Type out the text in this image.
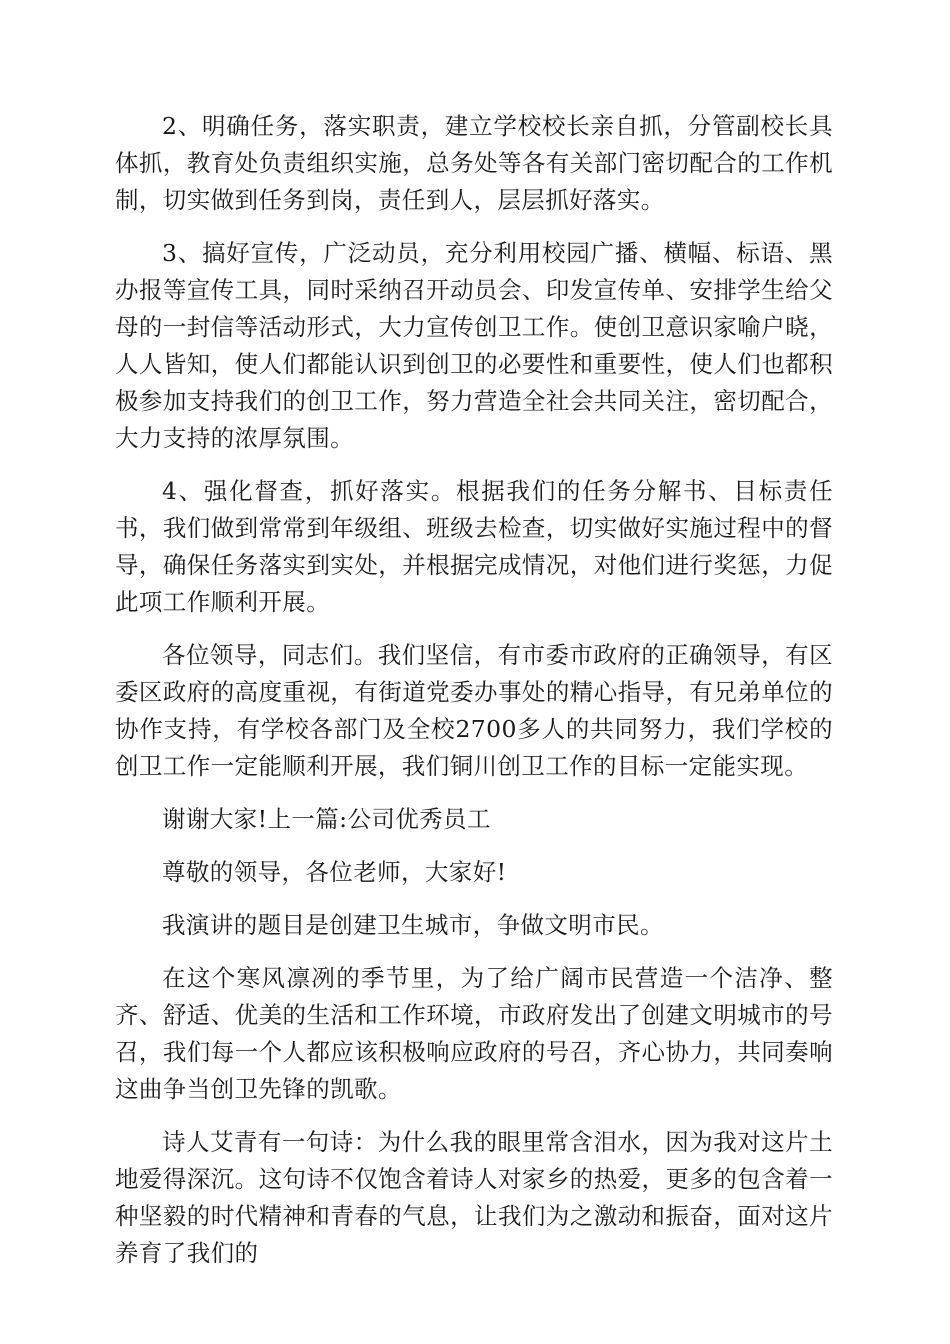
2、明确任务，落实职责，建立学校校长亲自抓，分管副校长具体抓，教育处负责组织实施，总务处等各有关部门密切配合的工作机制，切实做到任务到岗，责任到人，层层抓好落实。

3、搞好宣传，广泛动员，充分利用校园广播、横幅、标语、黑办报等宣传工具，同时采纳召开动员会、印发宣传单、安排学生给父母的一封信等活动形式，大力宣传创卫工作。使创卫意识家喻户晓，人人皆知，使人们都能认识到创卫的必要性和重要性，使人们也都积极参加支持我们的创卫工作，努力营造全社会共同关注，密切配合，大力支持的浓厚氛围。

4、强化督查，抓好落实。根据我们的任务分解书、目标责任书，我们做到常常到年级组、班级去检查，切实做好实施过程中的督导，确保任务落实到实处，并根据完成情况，对他们进行奖惩，力促此项工作顺利开展。

各位领导，同志们。我们坚信，有市委市政府的正确领导，有区委区政府的高度重视，有街道党委办事处的精心指导，有兄弟单位的协作支持，有学校各部门及全校2700多人的共同努力，我们学校的创卫工作一定能顺利开展，我们铜川创卫工作的目标一定能实现。

谢谢大家!上一篇:公司优秀员工

尊敬的领导，各位老师，大家好!

我演讲的题目是创建卫生城市，争做文明市民。

在这个寒风凛冽的季节里，为了给广阔市民营造一个洁净、整齐、舒适、优美的生活和工作环境，市政府发出了创建文明城市的号召，我们每一个人都应该积极响应政府的号召，齐心协力，共同奏响这曲争当创卫先锋的凯歌。

诗人艾青有一句诗：为什么我的眼里常含泪水，因为我对这片土地爱得深沉。这句诗不仅饱含着诗人对家乡的热爱，更多的包含着一种坚毅的时代精神和青春的气息，让我们为之激动和振奋，面对这片养育了我们的
